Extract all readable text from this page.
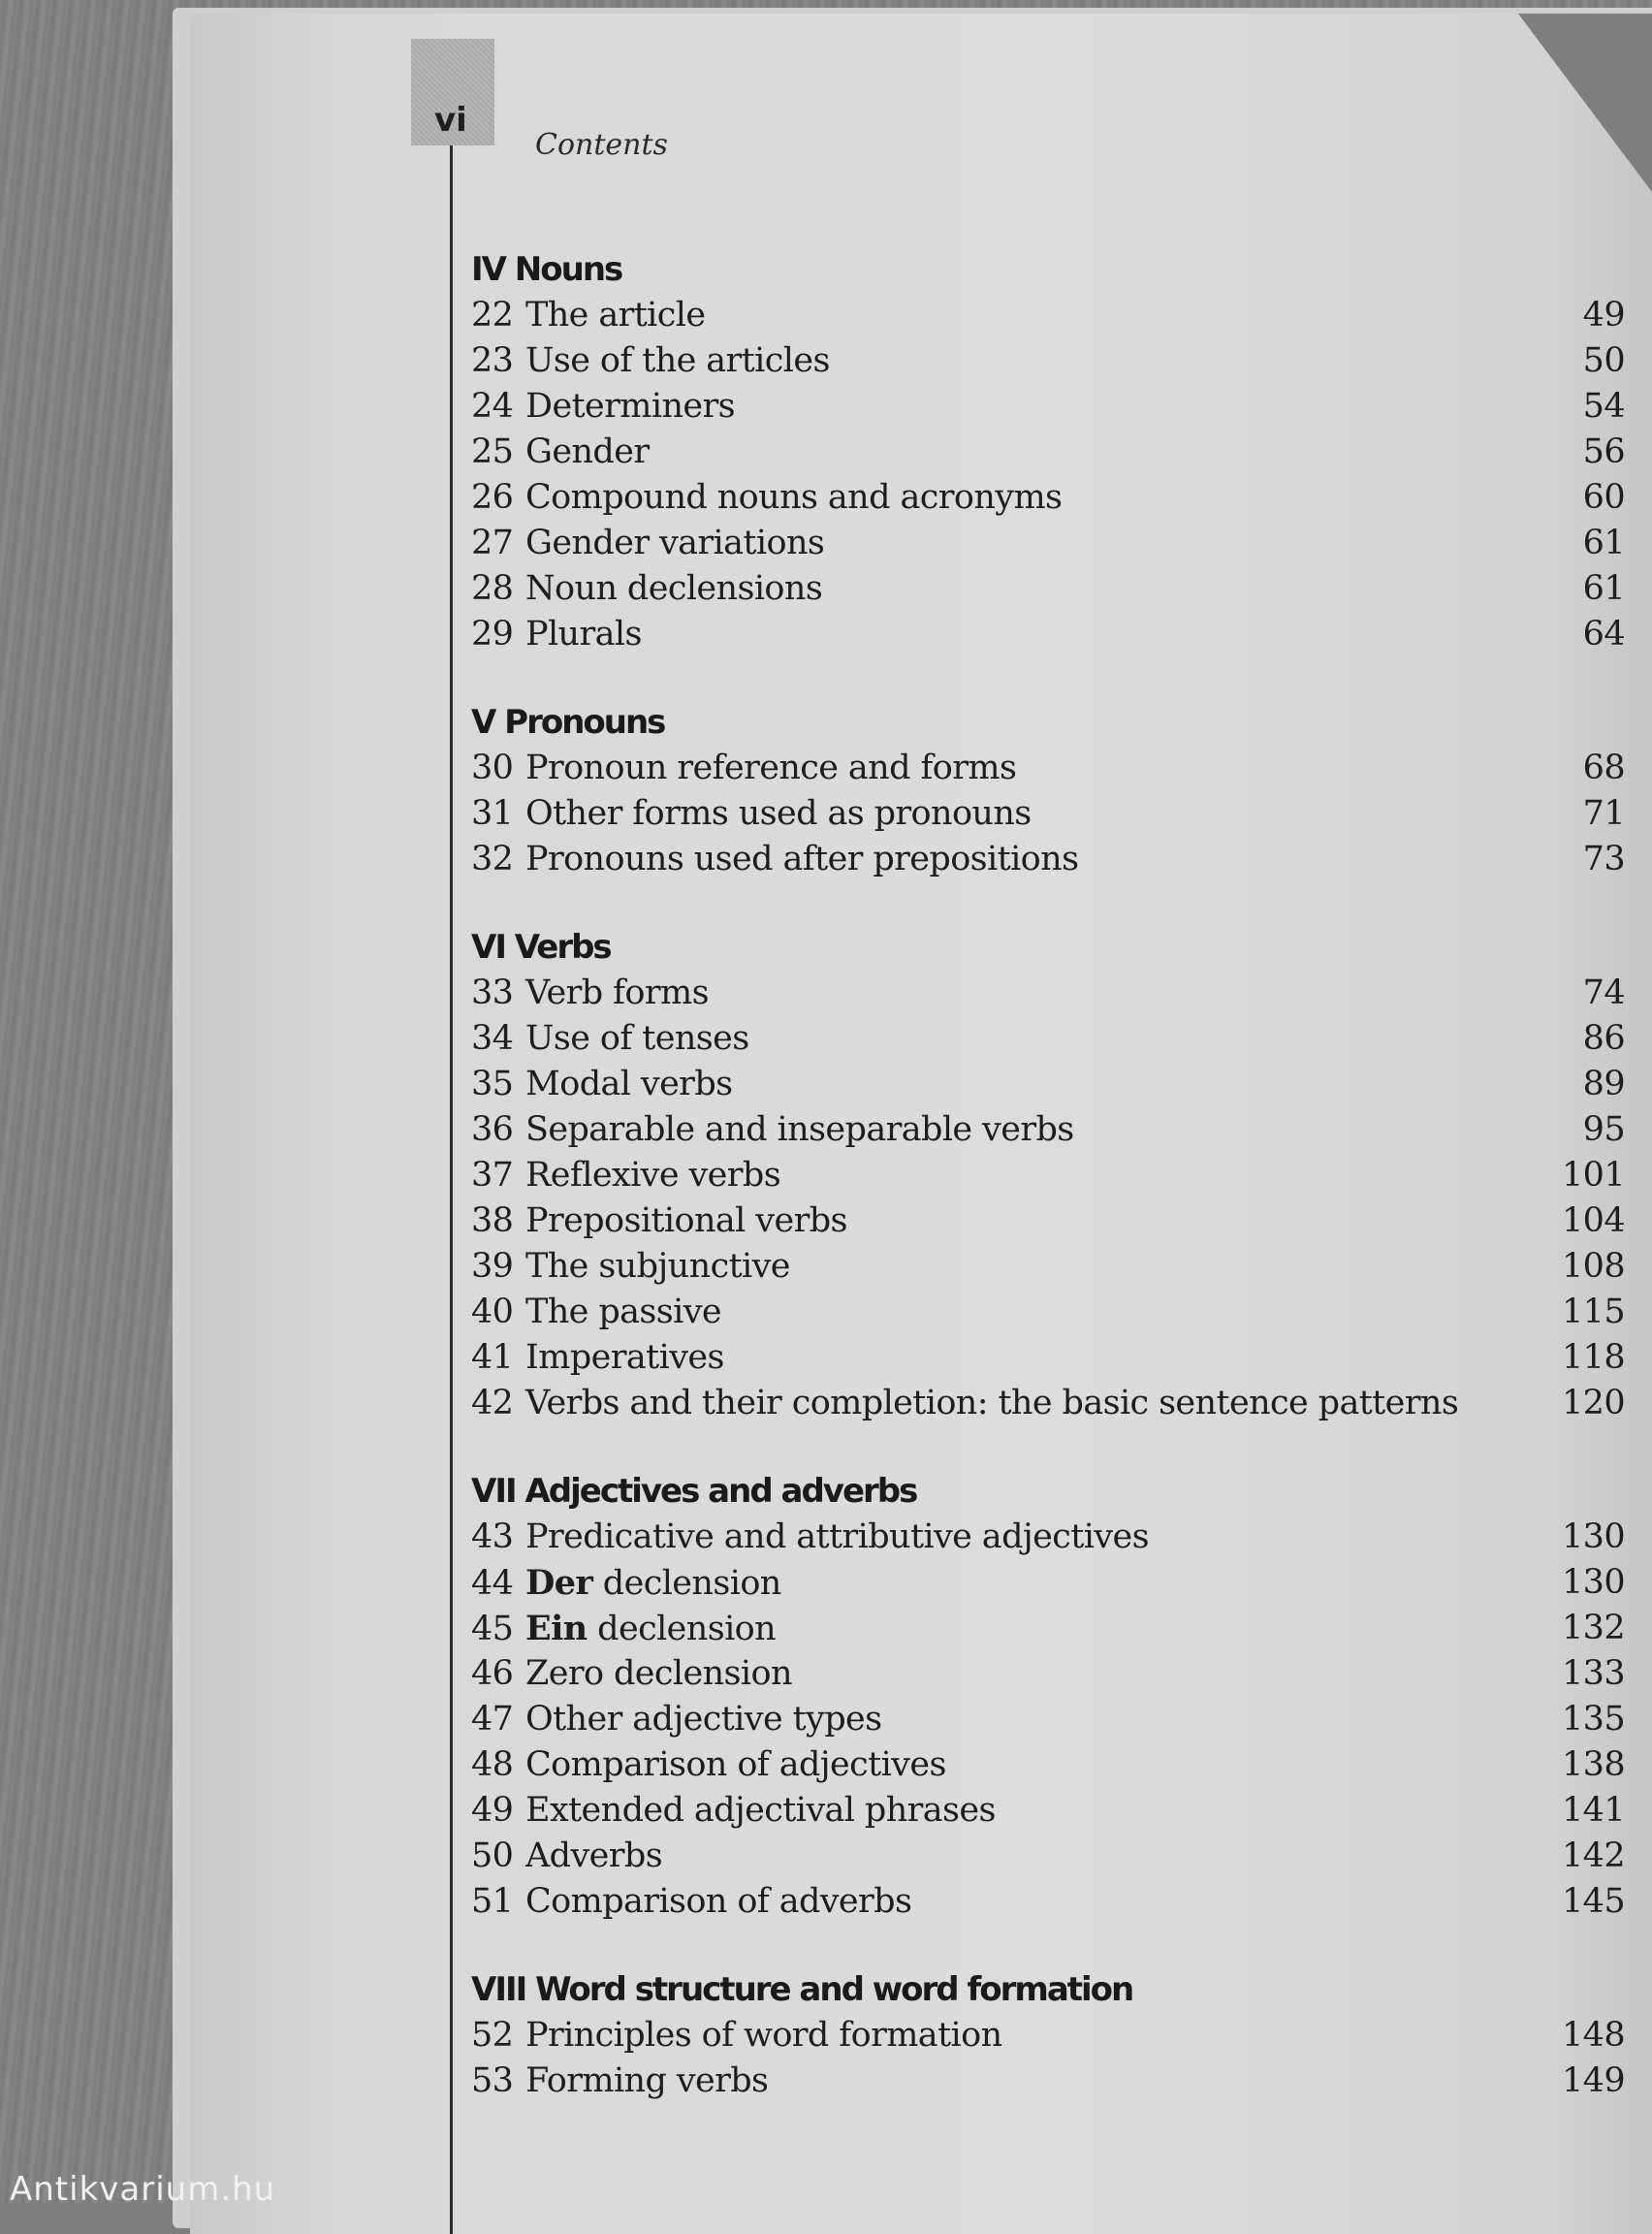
vi
Contents
IV Nouns
22 The article	49
23 Use of the articles	50
24 Determiners	54
25 Gender	56
26 Compound nouns and acronyms	60
27 Gender variations	61
28 Noun declensions	61
29 Plurals	64
V Pronouns
30 Pronoun reference and forms	68
31 Other forms used as pronouns	71
32 Pronouns used after prepositions	73
VI Verbs
33 Verb forms	74
34 Use of tenses	86
35 Modal verbs	89
36 Separable and inseparable verbs	95
37 Reflexive verbs	101
38 Prepositional verbs	104
39 The subjunctive	108
40 The passive	115
41 Imperatives	118
42 Verbs and their completion: the basic sentence patterns	120
VII Adjectives and adverbs
43 Predicative and attributive adjectives	130
44 Der declension	130
45 Ein declension	132
46 Zero declension	133
47 Other adjective types	135
48 Comparison of adjectives	138
49 Extended adjectival phrases	141
50 Adverbs	142
51 Comparison of adverbs	145
VIII Word structure and word formation
52 Principles of word formation	148
53 Forming verbs	149
Antikvarium.hu
